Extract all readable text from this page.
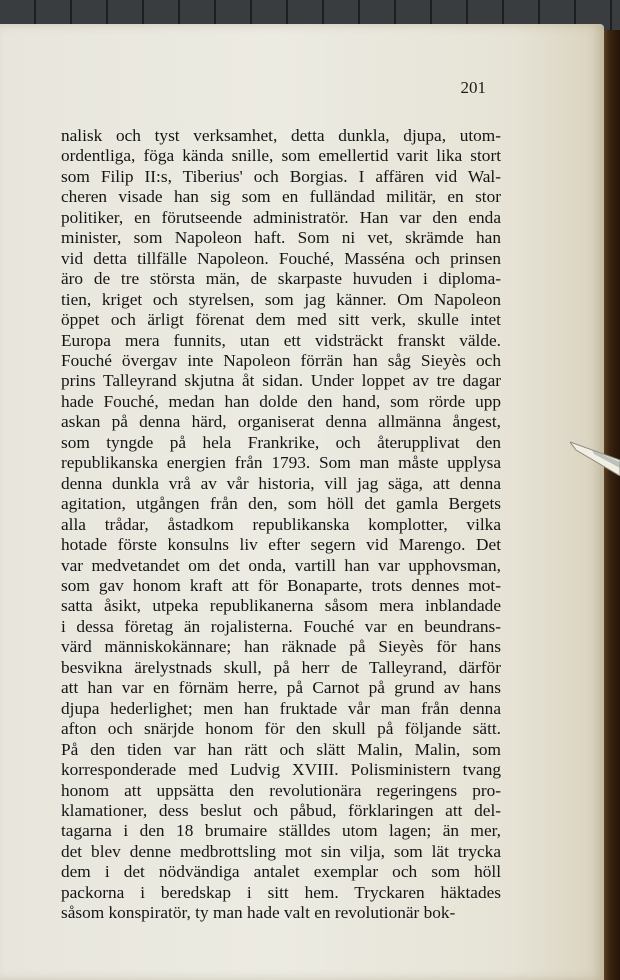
201
nalisk och tyst verksamhet, detta dunkla, djupa, utom-
ordentliga, föga kända snille, som emellertid varit lika stort
som Filip II:s, Tiberius' och Borgias. I affären vid Wal-
cheren visade han sig som en fulländad militär, en stor
politiker, en förutseende administratör. Han var den enda
minister, som Napoleon haft. Som ni vet, skrämde han
vid detta tillfälle Napoleon. Fouché, Masséna och prinsen
äro de tre största män, de skarpaste huvuden i diploma-
tien, kriget och styrelsen, som jag känner. Om Napoleon
öppet och ärligt förenat dem med sitt verk, skulle intet
Europa mera funnits, utan ett vidsträckt franskt välde.
Fouché övergav inte Napoleon förrän han såg Sieyès och
prins Talleyrand skjutna åt sidan. Under loppet av tre dagar
hade Fouché, medan han dolde den hand, som rörde upp
askan på denna härd, organiserat denna allmänna ångest,
som tyngde på hela Frankrike, och återupplivat den
republikanska energien från 1793. Som man måste upplysa
denna dunkla vrå av vår historia, vill jag säga, att denna
agitation, utgången från den, som höll det gamla Bergets
alla trådar, åstadkom republikanska komplotter, vilka
hotade förste konsulns liv efter segern vid Marengo. Det
var medvetandet om det onda, vartill han var upphovsman,
som gav honom kraft att för Bonaparte, trots dennes mot-
satta åsikt, utpeka republikanerna såsom mera inblandade
i dessa företag än rojalisterna. Fouché var en beundrans-
värd människokännare; han räknade på Sieyès för hans
besvikna ärelystnads skull, på herr de Talleyrand, därför
att han var en förnäm herre, på Carnot på grund av hans
djupa hederlighet; men han fruktade vår man från denna
afton och snärjde honom för den skull på följande sätt.
På den tiden var han rätt och slätt Malin, Malin, som
korresponderade med Ludvig XVIII. Polisministern tvang
honom att uppsätta den revolutionära regeringens pro-
klamationer, dess beslut och påbud, förklaringen att del-
tagarna i den 18 brumaire ställdes utom lagen; än mer,
det blev denne medbrottsling mot sin vilja, som lät trycka
dem i det nödvändiga antalet exemplar och som höll
packorna i beredskap i sitt hem. Tryckaren häktades
såsom konspiratör, ty man hade valt en revolutionär bok-
